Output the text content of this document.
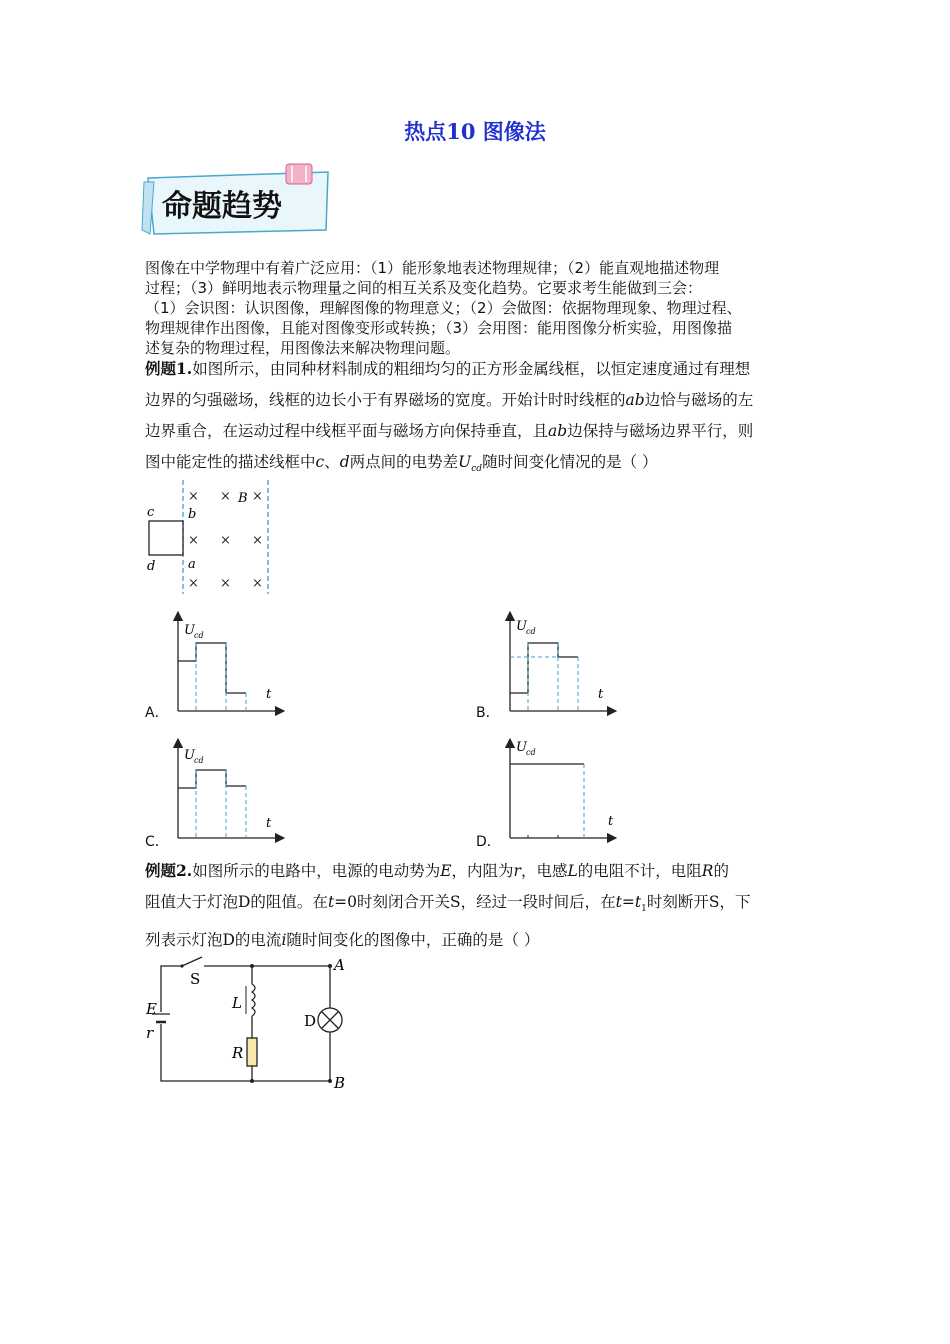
热点10 图像法
命题趋势

图像在中学物理中有着广泛应用：（1）能形象地表述物理规律；（2）能直观地描述物理

过程；（3）鲜明地表示物理量之间的相互关系及变化趋势。它要求考生能做到三会：

（1）会识图：认识图像，理解图像的物理意义；（2）会做图：依据物理现象、物理过程、

物理规律作出图像，且能对图像变形或转换；（3）会用图：能用图像分析实验，用图像描

述复杂的物理过程，用图像法来解决物理问题。

例题1.如图所示，由同种材料制成的粗细均匀的正方形金属线框，以恒定速度通过有理想

边界的匀强磁场，线框的边长小于有界磁场的宽度。开始计时时线框的ab边恰与磁场的左

边界重合，在运动过程中线框平面与磁场方向保持垂直，且ab边保持与磁场边界平行，则

图中能定性的描述线框中c、d两点间的电势差$U_{cd}$随时间变化情况的是（ ）

c
d
b
a
B
× × ×
× × ×
× × ×
A．
U cd
t
B．
U cd
t
C．
U cd
t
D．
U cd
t

例题2.如图所示的电路中，电源的电动势为E，内阻为r，电感L的电阻不计，电阻R的

阻值大于灯泡D的阻值。在t=0时刻闭合开关S，经过一段时间后，在$t=t_1$时刻断开S，下

列表示灯泡D的电流i随时间变化的图像中，正确的是（ ）

S
E
r
L
R
D
A
B
